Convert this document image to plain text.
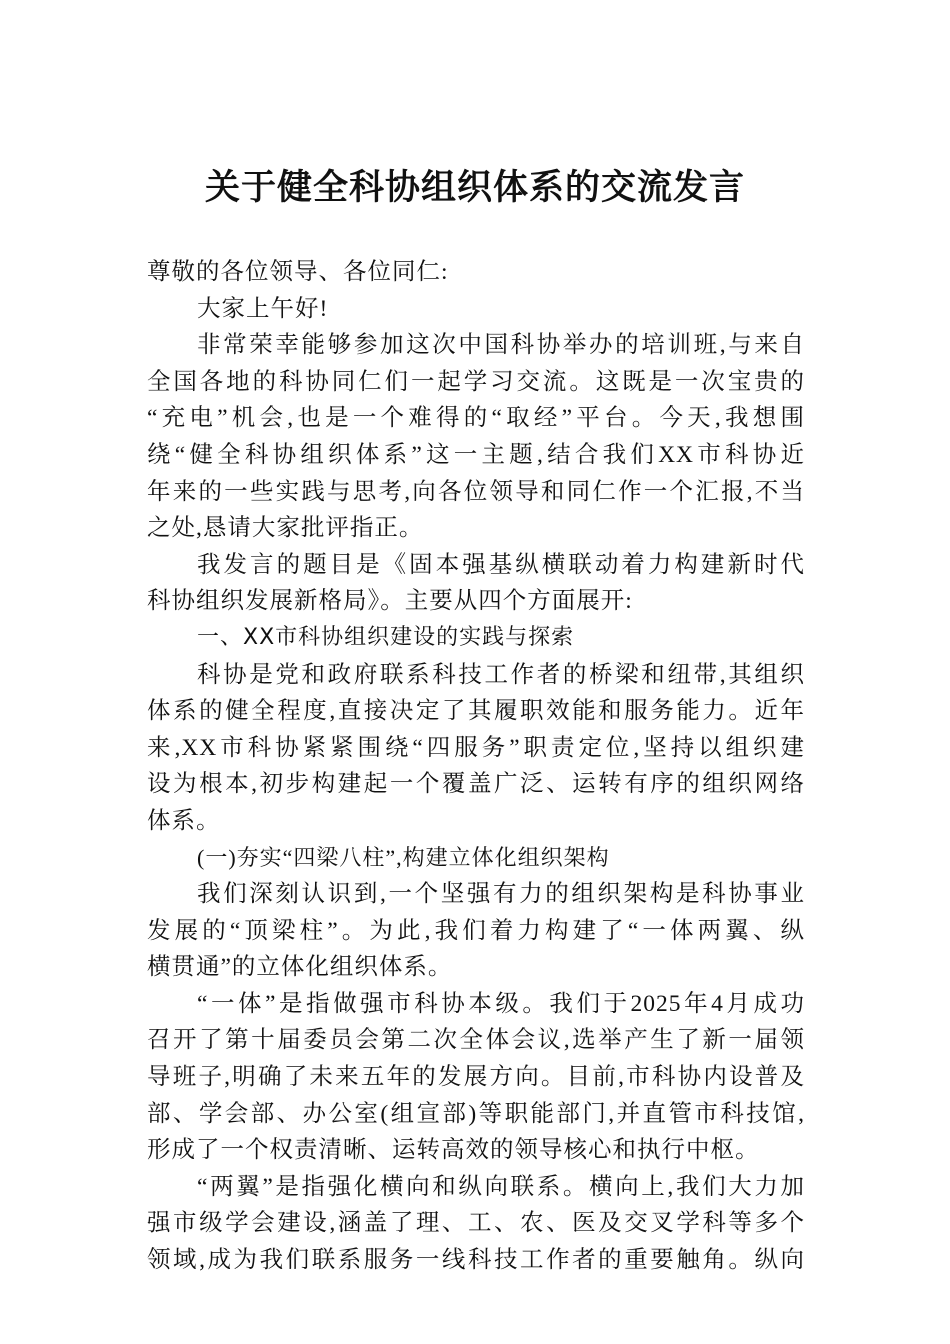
关于健全科协组织体系的交流发言
尊敬的各位领导、各位同仁:
大家上午好!
非常荣幸能够参加这次中国科协举办的培训班,与来自
全国各地的科协同仁们一起学习交流。这既是一次宝贵的
“充电”机会,也是一个难得的“取经”平台。今天,我想围
绕“健全科协组织体系”这一主题,结合我们XX市科协近
年来的一些实践与思考,向各位领导和同仁作一个汇报,不当
之处,恳请大家批评指正。
我发言的题目是《固本强基纵横联动着力构建新时代
科协组织发展新格局》。主要从四个方面展开:
一、XX市科协组织建设的实践与探索
科协是党和政府联系科技工作者的桥梁和纽带,其组织
体系的健全程度,直接决定了其履职效能和服务能力。近年
来,XX市科协紧紧围绕“四服务”职责定位,坚持以组织建
设为根本,初步构建起一个覆盖广泛、运转有序的组织网络
体系。
(一)夯实“四梁八柱”,构建立体化组织架构
我们深刻认识到,一个坚强有力的组织架构是科协事业
发展的“顶梁柱”。为此,我们着力构建了“一体两翼、纵
横贯通”的立体化组织体系。
“一体”是指做强市科协本级。我们于2025年4月成功
召开了第十届委员会第二次全体会议,选举产生了新一届领
导班子,明确了未来五年的发展方向。目前,市科协内设普及
部、学会部、办公室(组宣部)等职能部门,并直管市科技馆,
形成了一个权责清晰、运转高效的领导核心和执行中枢。
“两翼”是指强化横向和纵向联系。横向上,我们大力加
强市级学会建设,涵盖了理、工、农、医及交叉学科等多个
领域,成为我们联系服务一线科技工作者的重要触角。纵向
